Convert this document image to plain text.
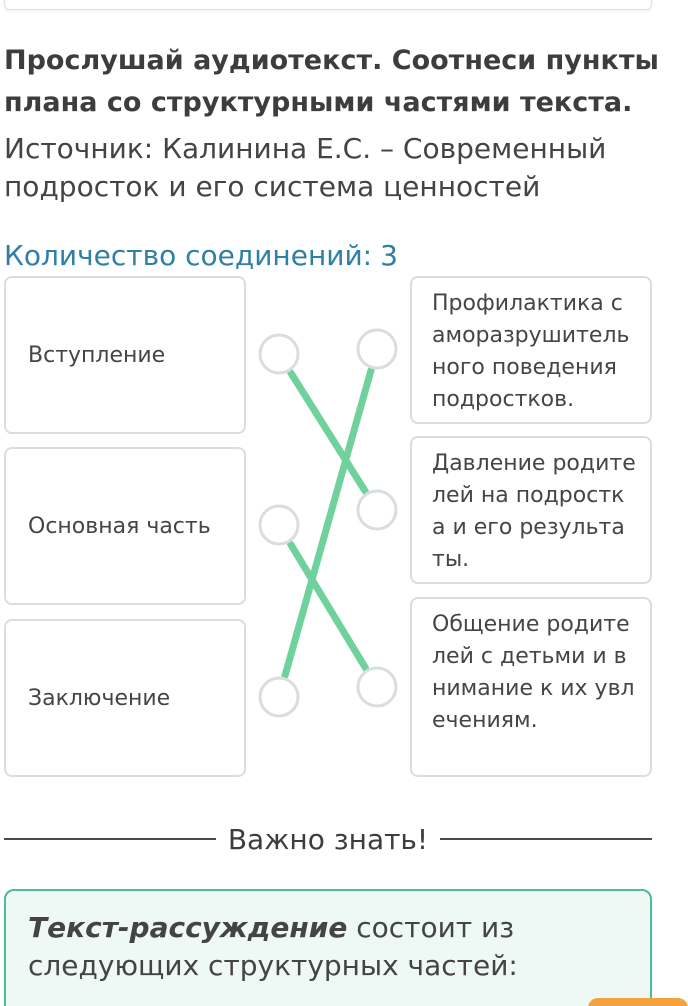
Прослушай аудиотекст. Соотнеси пункты плана со структурными частями текста.
Источник: Калинина Е.С. – Современный подросток и его система ценностей
Количество соединений: 3
Вступление
Основная часть
Заключение
Профилактика саморазрушительного поведения подростков.
Давление родителей на подростка и его результаты.
Общение родителей с детьми и внимание к их увлечениям.
Важно знать!
Текст-рассуждение состоит из следующих структурных частей:
